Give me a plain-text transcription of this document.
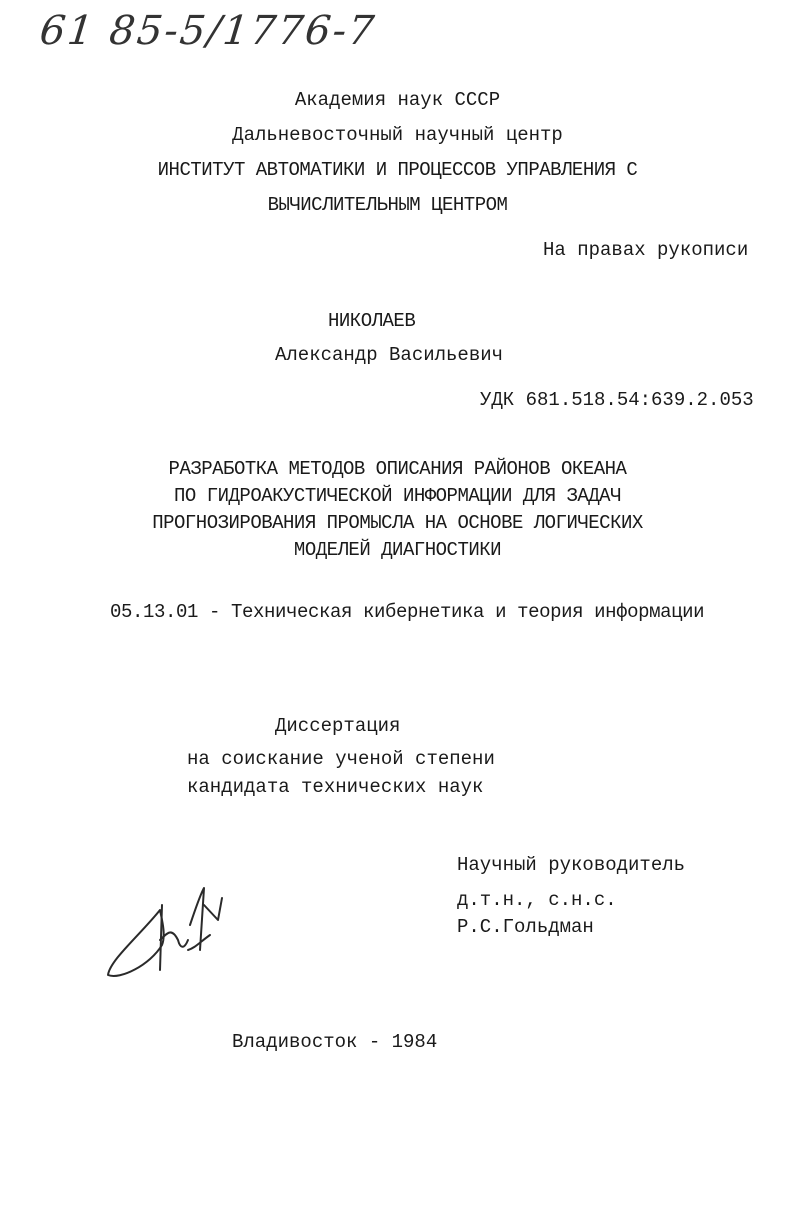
61 85-5/1776-7
Академия наук СССР
Дальневосточный научный центр
ИНСТИТУТ АВТОМАТИКИ И ПРОЦЕССОВ УПРАВЛЕНИЯ С
ВЫЧИСЛИТЕЛЬНЫМ ЦЕНТРОМ
На правах рукописи
НИКОЛАЕВ
Александр Васильевич
УДК 681.518.54:639.2.053
РАЗРАБОТКА МЕТОДОВ ОПИСАНИЯ РАЙОНОВ ОКЕАНА
ПО ГИДРОАКУСТИЧЕСКОЙ ИНФОРМАЦИИ ДЛЯ ЗАДАЧ
ПРОГНОЗИРОВАНИЯ ПРОМЫСЛА НА ОСНОВЕ ЛОГИЧЕСКИХ
МОДЕЛЕЙ ДИАГНОСТИКИ
05.13.01 - Техническая кибернетика и теория информации
Диссертация
на соискание ученой степени
кандидата технических наук
Научный руководитель
д.т.н., с.н.с.
Р.С.Гольдман
Владивосток - 1984
